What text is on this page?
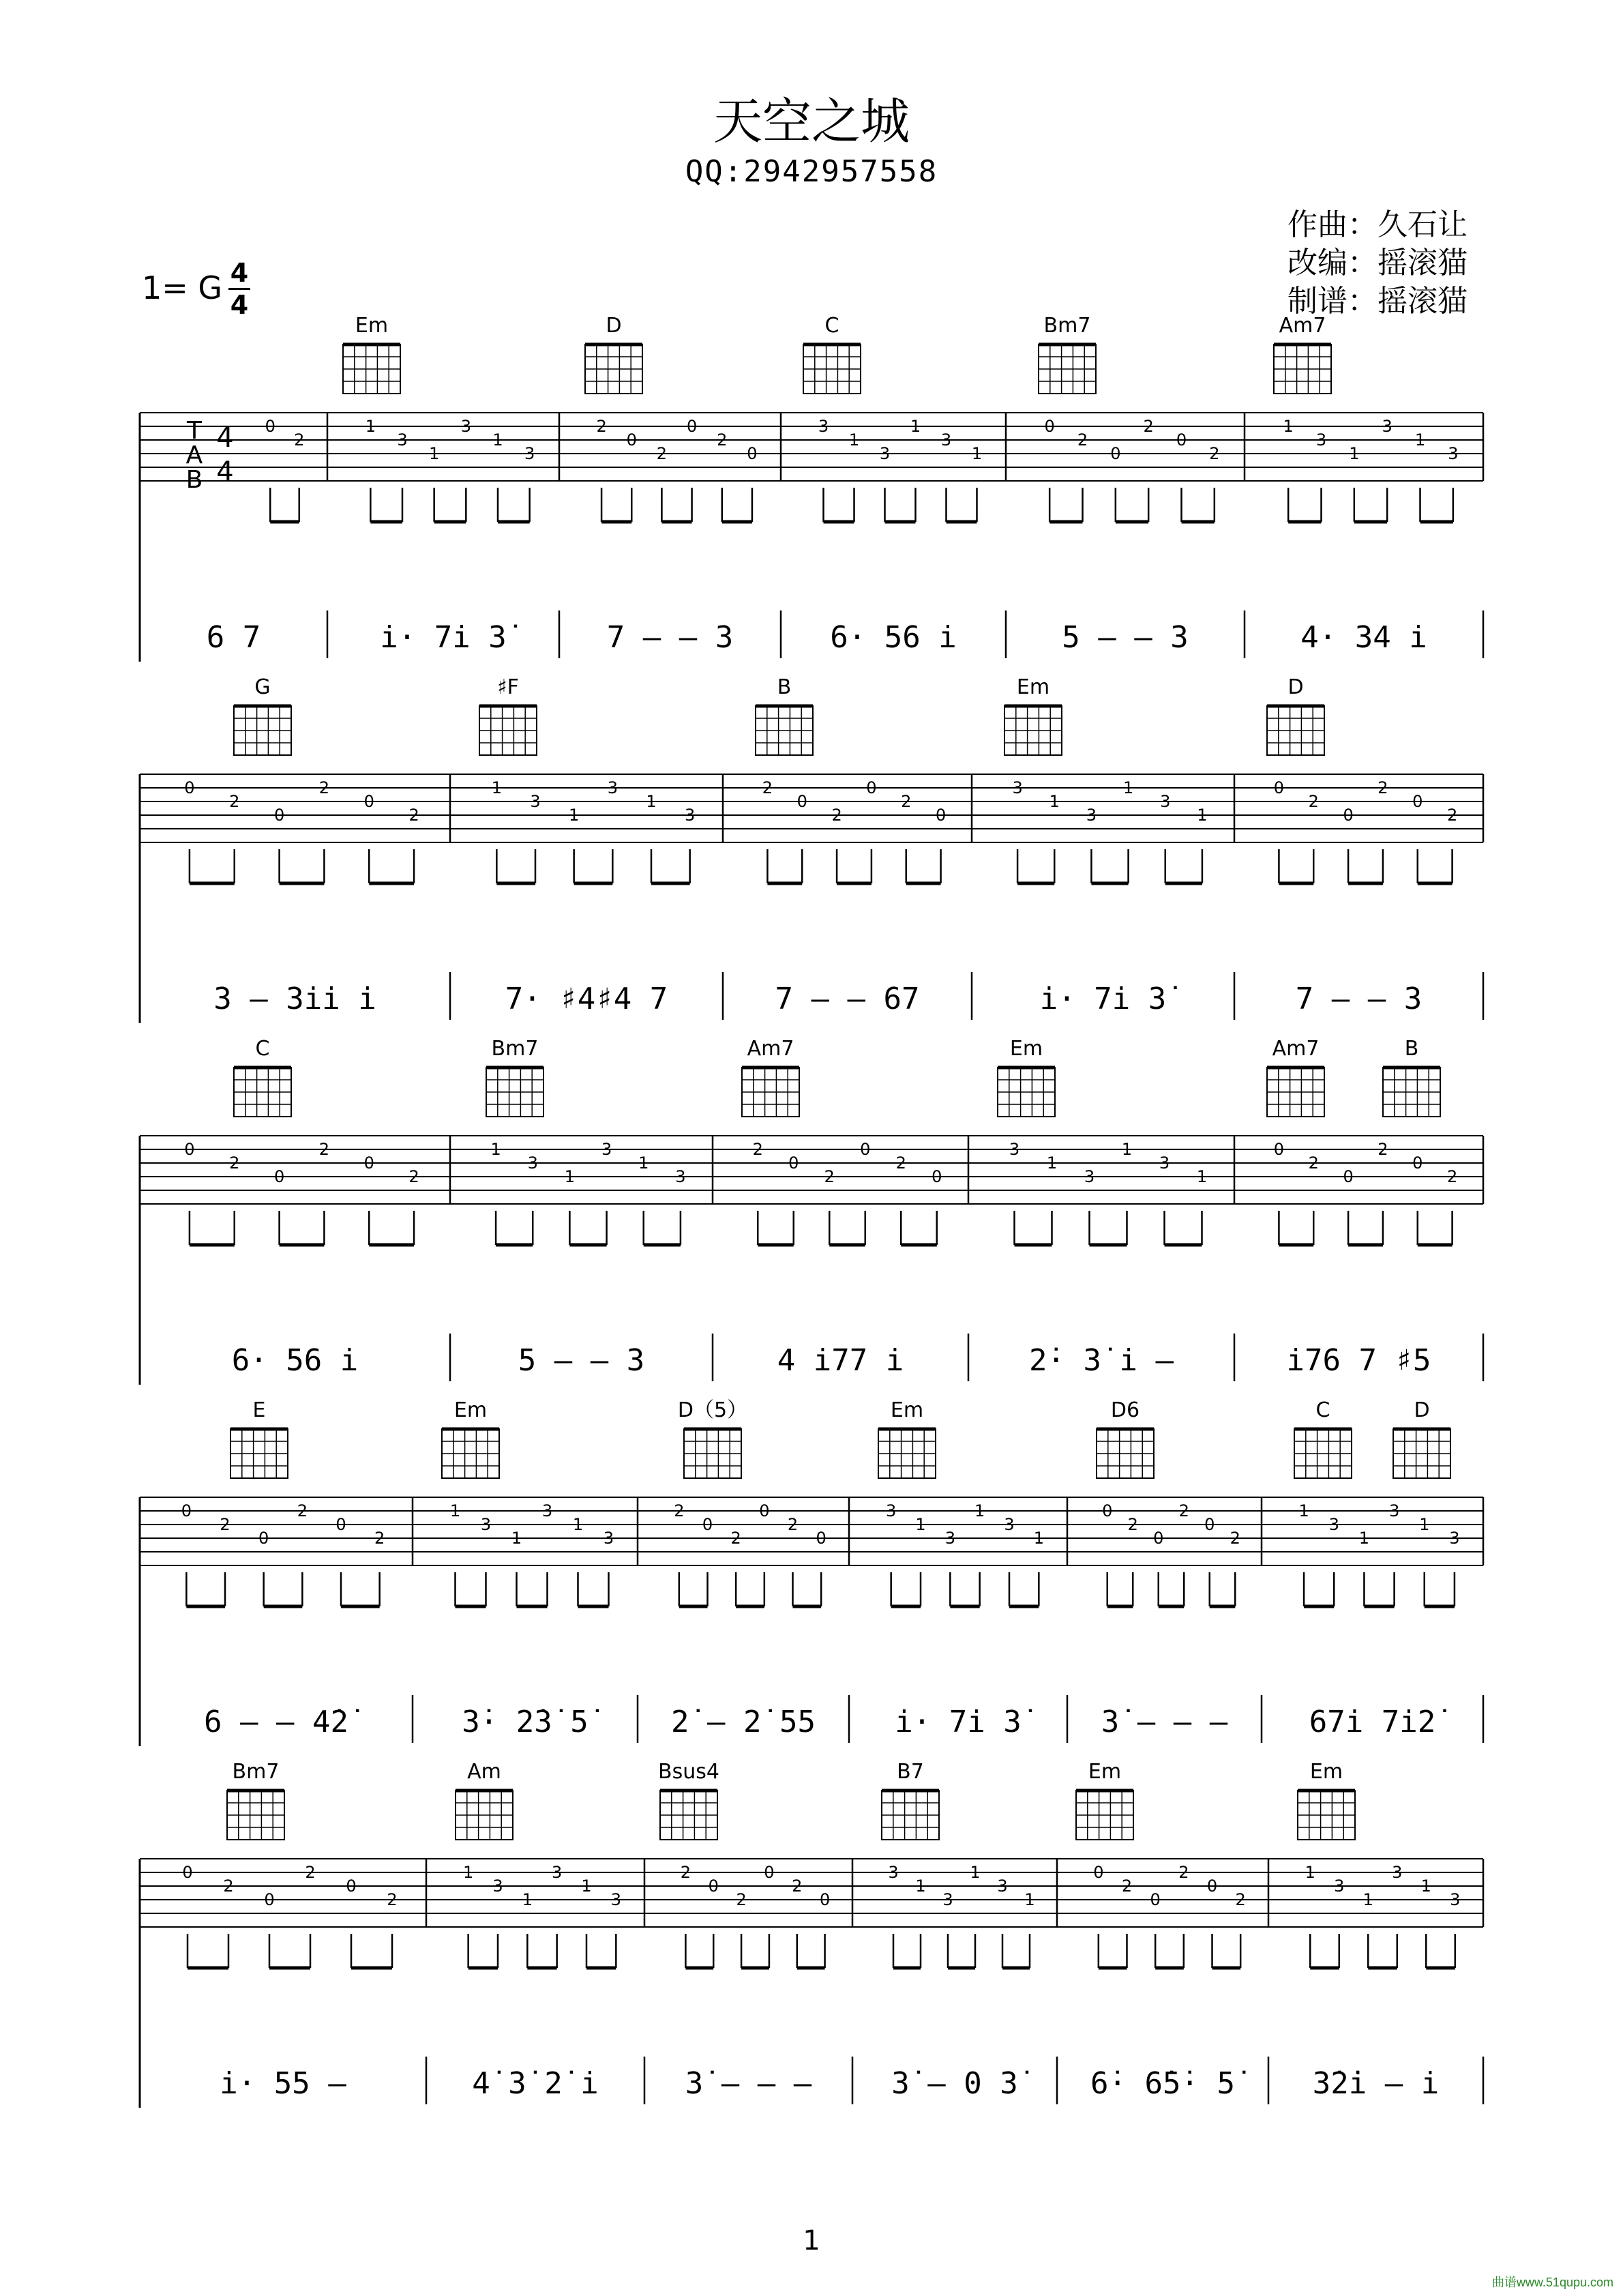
天空之城
QQ:2942957558
作曲：久石让
改编：摇滚猫
制谱：摇滚猫
1= G 4
4
T
A
B
4
4
Em	D	C	Bm7	Am7
0
2
1
3
1
3
1
3
2
0
2
0
2
0
3
1
3
1
3
1
0
2
0
2
0
2
1
3
1
3
1
3
6 7	i· 7i 3̇	7 — — 3	6· 56 i	5 — — 3	4· 34 i
G	♯F	B	Em	D
0
2
0
2
0
2
1
3
1
3
1
3
2
0
2
0
2
0
3
1
3
1
3
1
0
2
0
2
0
2
3 — 3ii i	7· ♯4♯4 7	7 — — 67	i· 7i 3̇	7 — — 3
C	Bm7	Am7	Em	Am7	B
0
2
0
2
0
2
1
3
1
3
1
3
2
0
2
0
2
0
3
1
3
1
3
1
0
2
0
2
0
2
6· 56 i	5 — — 3	4 i77 i	2̇· 3̇ i —	i76 7 ♯5
E	Em	D（5）	Em	D6	C	D
0
2
0
2
0
2
1
3
1
3
1
3
2
0
2
0
2
0
3
1
3
1
3
1
0
2
0
2
0
2
1
3
1
3
1
3
6 — — 4̇2̇	3̇· 2̇3̇ 5̇	2̇ — 2̇ 55	i· 7i 3̇	3̇ — — —	67i 7i2̇
Bm7	Am	Bsus4	B7	Em	Em
0
2
0
2
0
2
1
3
1
3
1
3
2
0
2
0
2
0
3
1
3
1
3
1
0
2
0
2
0
2
1
3
1
3
1
3
i· 55 —	4̇ 3̇ 2̇ i	3̇ — — —	3̇ — 0 3̇	6̇· 6̇5̇· 5̇	3̇2̇i — i
1
曲谱www.51qupu.com
